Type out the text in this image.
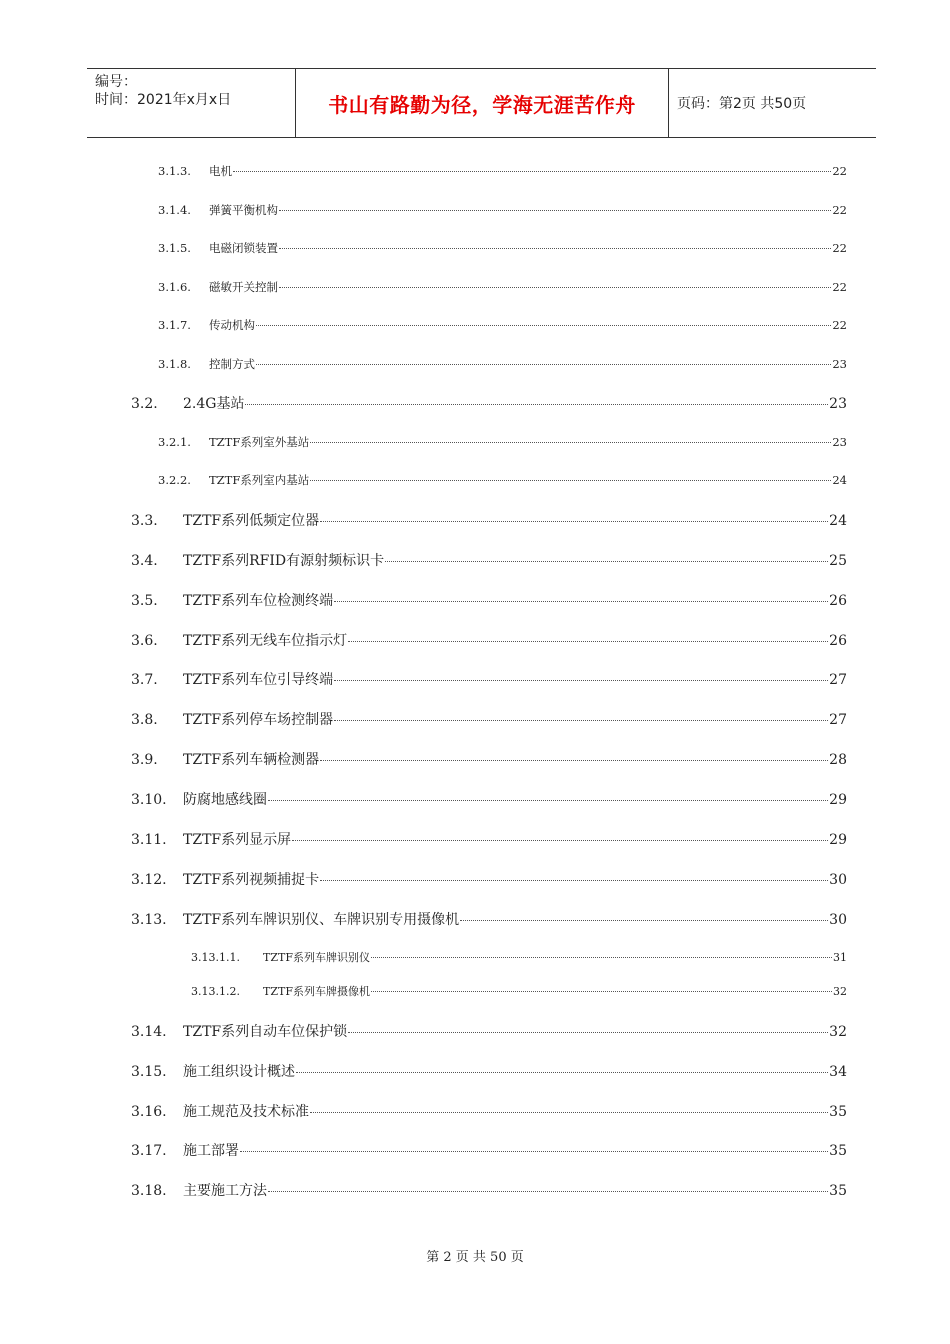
编号：
时间：2021年x月x日	书山有路勤为径，学海无涯苦作舟	页码：第2页 共50页
3.1.3.	电机	22
3.1.4.	弹簧平衡机构	22
3.1.5.	电磁闭锁装置	22
3.1.6.	磁敏开关控制	22
3.1.7.	传动机构	22
3.1.8.	控制方式	23
3.2.	2.4G基站	23
3.2.1.	TZTF系列室外基站	23
3.2.2.	TZTF系列室内基站	24
3.3.	TZTF系列低频定位器	24
3.4.	TZTF系列RFID有源射频标识卡	25
3.5.	TZTF系列车位检测终端	26
3.6.	TZTF系列无线车位指示灯	26
3.7.	TZTF系列车位引导终端	27
3.8.	TZTF系列停车场控制器	27
3.9.	TZTF系列车辆检测器	28
3.10.	防腐地感线圈	29
3.11.	TZTF系列显示屏	29
3.12.	TZTF系列视频捕捉卡	30
3.13.	TZTF系列车牌识别仪、车牌识别专用摄像机	30
3.13.1.1.	TZTF系列车牌识别仪	31
3.13.1.2.	TZTF系列车牌摄像机	32
3.14.	TZTF系列自动车位保护锁	32
3.15.	施工组织设计概述	34
3.16.	施工规范及技术标准	35
3.17.	施工部署	35
3.18.	主要施工方法	35
第 2 页 共 50 页
